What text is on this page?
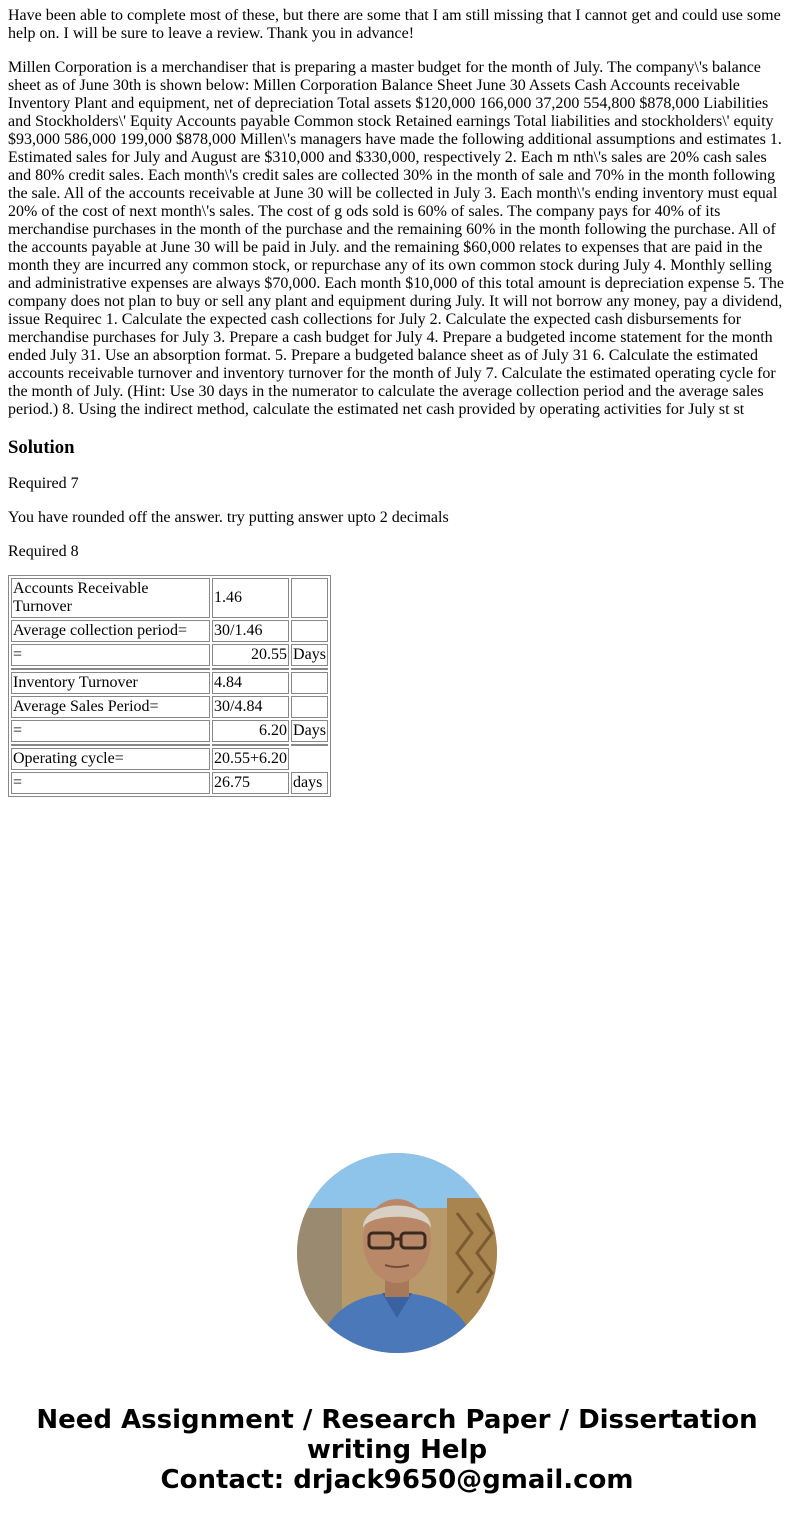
Have been able to complete most of these, but there are some that I am still missing that I cannot get and could use some help on. I will be sure to leave a review. Thank you in advance!

Millen Corporation is a merchandiser that is preparing a master budget for the month of July. The company\'s balance sheet as of June 30th is shown below: Millen Corporation Balance Sheet June 30 Assets Cash Accounts receivable Inventory Plant and equipment, net of depreciation Total assets $120,000 166,000 37,200 554,800 $878,000 Liabilities and Stockholders\' Equity Accounts payable Common stock Retained earnings Total liabilities and stockholders\' equity $93,000 586,000 199,000 $878,000 Millen\'s managers have made the following additional assumptions and estimates 1. Estimated sales for July and August are $310,000 and $330,000, respectively 2. Each m nth\'s sales are 20% cash sales and 80% credit sales. Each month\'s credit sales are collected 30% in the month of sale and 70% in the month following the sale. All of the accounts receivable at June 30 will be collected in July 3. Each month\'s ending inventory must equal 20% of the cost of next month\'s sales. The cost of g ods sold is 60% of sales. The company pays for 40% of its merchandise purchases in the month of the purchase and the remaining 60% in the month following the purchase. All of the accounts payable at June 30 will be paid in July. and the remaining $60,000 relates to expenses that are paid in the month they are incurred any common stock, or repurchase any of its own common stock during July 4. Monthly selling and administrative expenses are always $70,000. Each month $10,000 of this total amount is depreciation expense 5. The company does not plan to buy or sell any plant and equipment during July. It will not borrow any money, pay a dividend, issue Requirec 1. Calculate the expected cash collections for July 2. Calculate the expected cash disbursements for merchandise purchases for July 3. Prepare a cash budget for July 4. Prepare a budgeted income statement for the month ended July 31. Use an absorption format. 5. Prepare a budgeted balance sheet as of July 31 6. Calculate the estimated accounts receivable turnover and inventory turnover for the month of July 7. Calculate the estimated operating cycle for the month of July. (Hint: Use 30 days in the numerator to calculate the average collection period and the average sales period.) 8. Using the indirect method, calculate the estimated net cash provided by operating activities for July st st

Solution

Required 7

You have rounded off the answer. try putting answer upto 2 decimals

Required 8

Accounts Receivable Turnover	1.46	
Average collection period=	30/1.46	
=	20.55	Days

Inventory Turnover	4.84	
Average Sales Period=	30/4.84	
=	6.20	Days

Operating cycle=	20.55+6.20	
=	26.75	days
Need Assignment / Research Paper / Dissertation
writing Help
Contact: drjack9650@gmail.com
